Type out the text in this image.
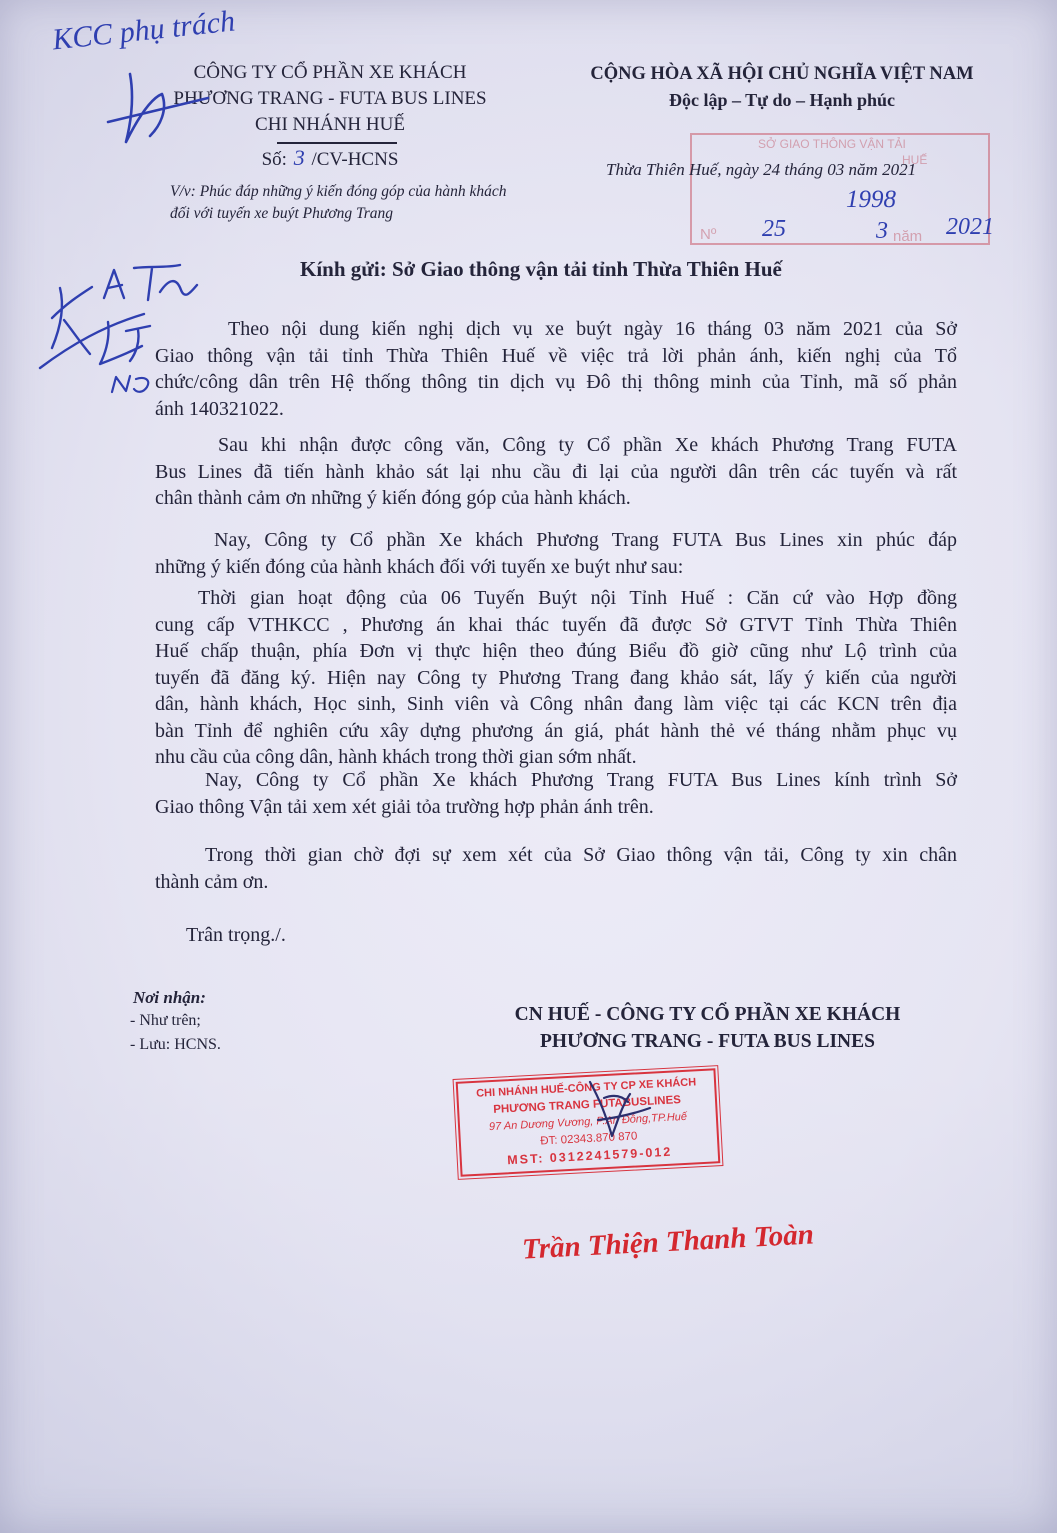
KCC phụ trách
CÔNG TY CỔ PHẦN XE KHÁCH
PHƯƠNG TRANG - FUTA BUS LINES
CHI NHÁNH HUẾ
Số: 3 /CV-HCNS
V/v: Phúc đáp những ý kiến đóng góp của hành khách
đối với tuyến xe buýt Phương Trang
CỘNG HÒA XÃ HỘI CHỦ NGHĨA VIỆT NAM
Độc lập – Tự do – Hạnh phúc
SỞ GIAO THÔNG VẬN TẢI
HUẾ
Nº	năm
1998
25	3 2021
Thừa Thiên Huế, ngày 24 tháng 03 năm 2021
Kính gửi: Sở Giao thông vận tải tỉnh Thừa Thiên Huế
Theo nội dung kiến nghị dịch vụ xe buýt ngày 16 tháng 03 năm 2021 của Sở
Giao thông vận tải tỉnh Thừa Thiên Huế về việc trả lời phản ánh, kiến nghị của Tổ
chức/công dân trên Hệ thống thông tin dịch vụ Đô thị thông minh của Tỉnh, mã số phản
ánh 140321022.
Sau khi nhận được công văn, Công ty Cổ phần Xe khách Phương Trang FUTA
Bus Lines đã tiến hành khảo sát lại nhu cầu đi lại của người dân trên các tuyến và rất
chân thành cảm ơn những ý kiến đóng góp của hành khách.
Nay, Công ty Cổ phần Xe khách Phương Trang FUTA Bus Lines xin phúc đáp
những ý kiến đóng của hành khách đối với tuyến xe buýt như sau:
Thời gian hoạt động của 06 Tuyến Buýt nội Tỉnh Huế : Căn cứ vào Hợp đồng
cung cấp VTHKCC , Phương án khai thác tuyến đã được Sở GTVT Tỉnh Thừa Thiên
Huế chấp thuận, phía Đơn vị thực hiện theo đúng Biểu đồ giờ cũng như Lộ trình của
tuyến đã đăng ký. Hiện nay Công ty Phương Trang đang khảo sát, lấy ý kiến của người
dân, hành khách, Học sinh, Sinh viên và Công nhân đang làm việc tại các KCN trên địa
bàn Tỉnh để nghiên cứu xây dựng phương án giá, phát hành thẻ vé tháng nhằm phục vụ
nhu cầu của công dân, hành khách trong thời gian sớm nhất.
Nay, Công ty Cổ phần Xe khách Phương Trang FUTA Bus Lines kính trình Sở
Giao thông Vận tải xem xét giải tỏa trường hợp phản ánh trên.
Trong thời gian chờ đợi sự xem xét của Sở Giao thông vận tải, Công ty xin chân
thành cảm ơn.
Trân trọng./.
Nơi nhận:
- Như trên;
- Lưu: HCNS.
CN HUẾ - CÔNG TY CỔ PHẦN XE KHÁCH
PHƯƠNG TRANG - FUTA BUS LINES
CHI NHÁNH HUẾ-CÔNG TY CP XE KHÁCH
PHƯƠNG TRANG FUTABUSLINES
97 An Dương Vương, P.An Đông,TP.Huế
ĐT: 02343.870 870
MST: 0312241579-012
Trần Thiện Thanh Toàn
